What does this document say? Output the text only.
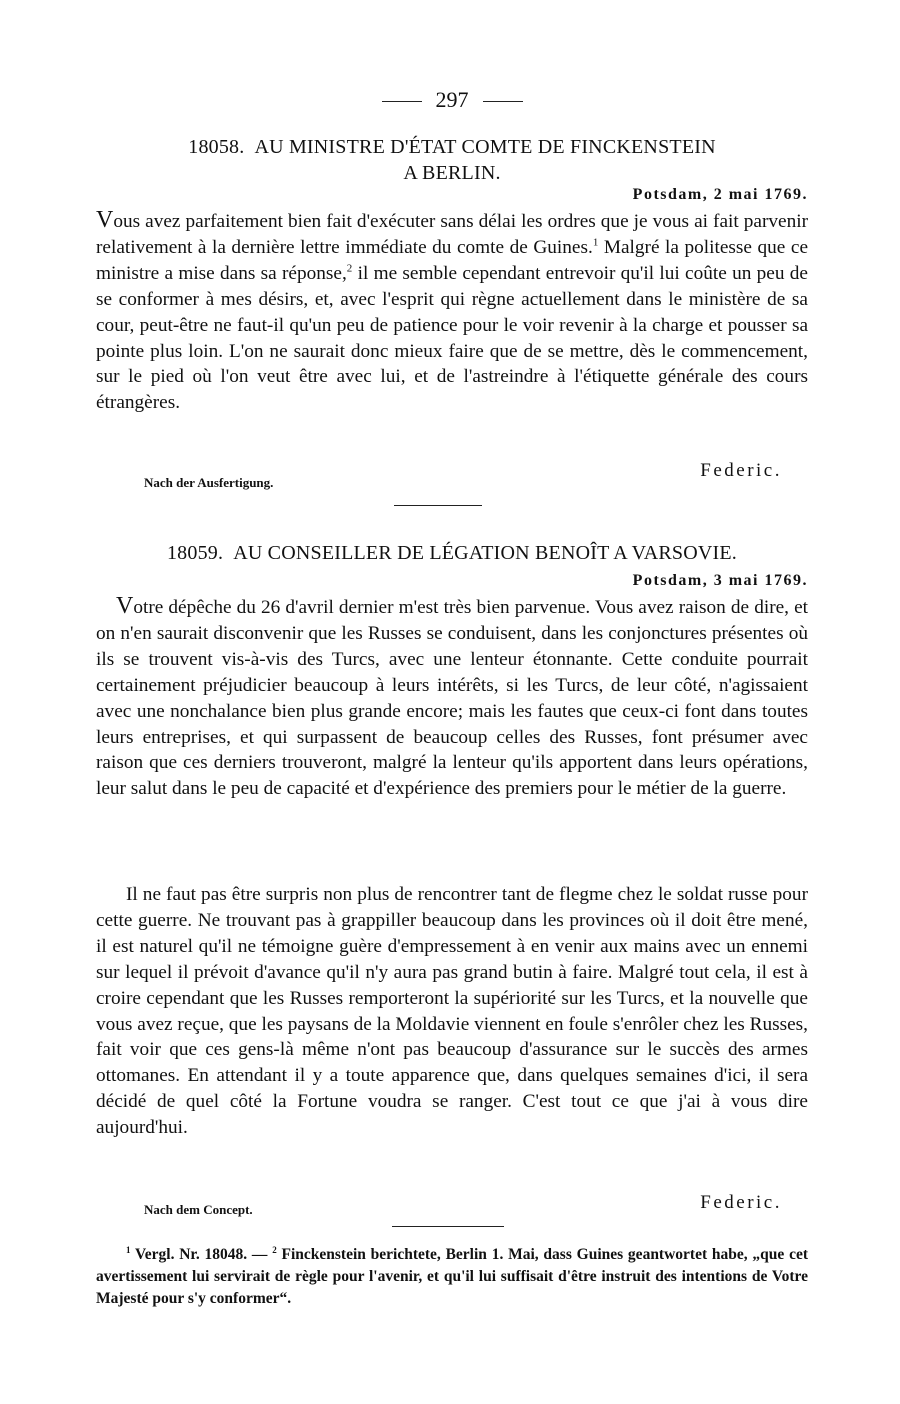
297
18058. AU MINISTRE D'ÉTAT COMTE DE FINCKENSTEIN
A BERLIN.
Potsdam, 2 mai 1769.

Vous avez parfaitement bien fait d'exécuter sans délai les ordres que je vous ai fait parvenir relativement à la dernière lettre immédiate du comte de Guines.$^1$ Malgré la politesse que ce ministre a mise dans sa réponse,$^2$ il me semble cependant entrevoir qu'il lui coûte un peu de se conformer à mes désirs, et, avec l'esprit qui règne actuellement dans le ministère de sa cour, peut-être ne faut-il qu'un peu de patience pour le voir revenir à la charge et pousser sa pointe plus loin. L'on ne saurait donc mieux faire que de se mettre, dès le commencement, sur le pied où l'on veut être avec lui, et de l'astreindre à l'étiquette générale des cours étrangères.

Federic.
Nach der Ausfertigung.
18059. AU CONSEILLER DE LÉGATION BENOÎT A VARSOVIE.
Potsdam, 3 mai 1769.

Votre dépêche du 26 d'avril dernier m'est très bien parvenue. Vous avez raison de dire, et on n'en saurait disconvenir que les Russes se conduisent, dans les conjonctures présentes où ils se trouvent vis-à-vis des Turcs, avec une lenteur étonnante. Cette conduite pourrait certainement préjudicier beaucoup à leurs intérêts, si les Turcs, de leur côté, n'agissaient avec une nonchalance bien plus grande encore; mais les fautes que ceux-ci font dans toutes leurs entreprises, et qui surpassent de beaucoup celles des Russes, font présumer avec raison que ces derniers trouveront, malgré la lenteur qu'ils apportent dans leurs opérations, leur salut dans le peu de capacité et d'expérience des premiers pour le métier de la guerre.

Il ne faut pas être surpris non plus de rencontrer tant de flegme chez le soldat russe pour cette guerre. Ne trouvant pas à grappiller beaucoup dans les provinces où il doit être mené, il est naturel qu'il ne témoigne guère d'empressement à en venir aux mains avec un ennemi sur lequel il prévoit d'avance qu'il n'y aura pas grand butin à faire. Malgré tout cela, il est à croire cependant que les Russes remporteront la supériorité sur les Turcs, et la nouvelle que vous avez reçue, que les paysans de la Moldavie viennent en foule s'enrôler chez les Russes, fait voir que ces gens-là même n'ont pas beaucoup d'assurance sur le succès des armes ottomanes. En attendant il y a toute apparence que, dans quelques semaines d'ici, il sera décidé de quel côté la Fortune voudra se ranger. C'est tout ce que j'ai à vous dire aujourd'hui.

Federic.
Nach dem Concept.

$^1$ Vergl. Nr. 18048. — $^2$ Finckenstein berichtete, Berlin 1. Mai, dass Guines geantwortet habe, „que cet avertissement lui servirait de règle pour l'avenir, et qu'il lui suffisait d'être instruit des intentions de Votre Majesté pour s'y conformer“.
